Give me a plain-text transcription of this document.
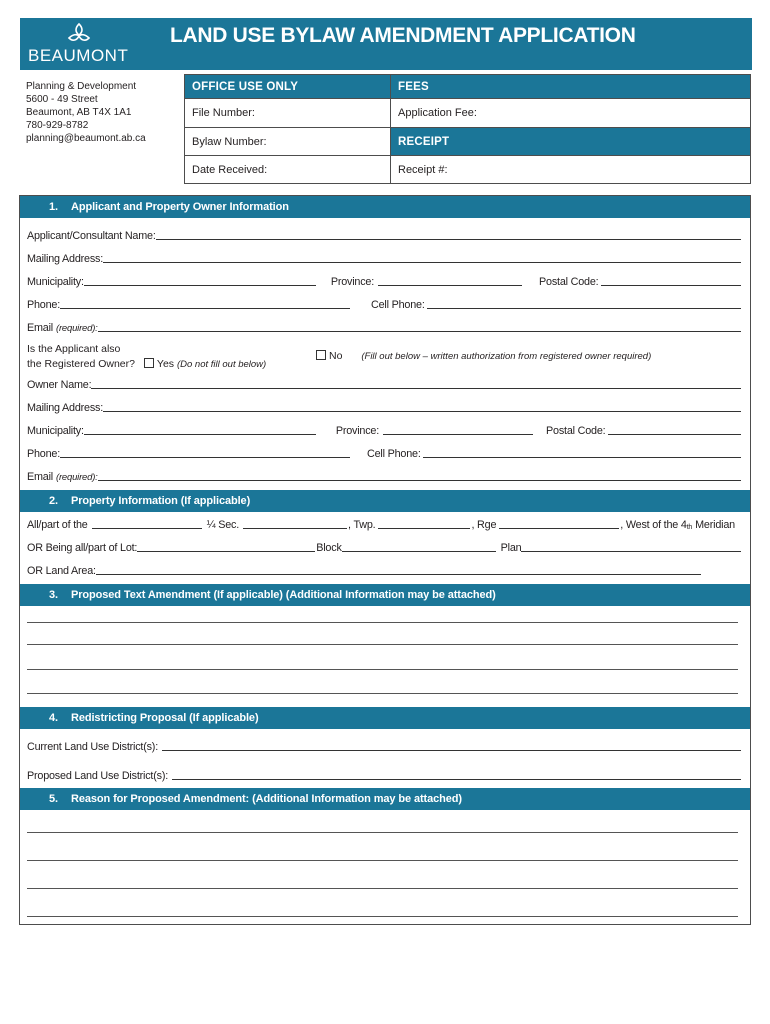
BEAUMONT
LAND USE BYLAW AMENDMENT APPLICATION
Planning & Development
5600 - 49 Street
Beaumont, AB T4X 1A1
780-929-8782
planning@beaumont.ab.ca
OFFICE USE ONLY	FEES
File Number:	Application Fee:
Bylaw Number:	RECEIPT
Date Received:	Receipt #:
1.	Applicant and Property Owner Information
Applicant/Consultant Name:
Mailing Address:
Municipality:	Province:	Postal Code:
Phone:	Cell Phone:
Email (required):
Is the Applicant also
the Registered Owner? Yes (Do not fill out below)
No (Fill out below – written authorization from registered owner required)
Owner Name:
Mailing Address:
Municipality:	Province:	Postal Code:
Phone:	Cell Phone:
Email (required):
2.	Property Information (If applicable)
All/part of the	¼ Sec.	, Twp.	, Rge	, West of the $4_{th}$ Meridian
OR Being all/part of Lot:	Block	Plan
OR Land Area:
3.	Proposed Text Amendment (If applicable) (Additional Information may be attached)
4.	Redistricting Proposal (If applicable)
Current Land Use District(s):
Proposed Land Use District(s):
5.	Reason for Proposed Amendment: (Additional Information may be attached)
